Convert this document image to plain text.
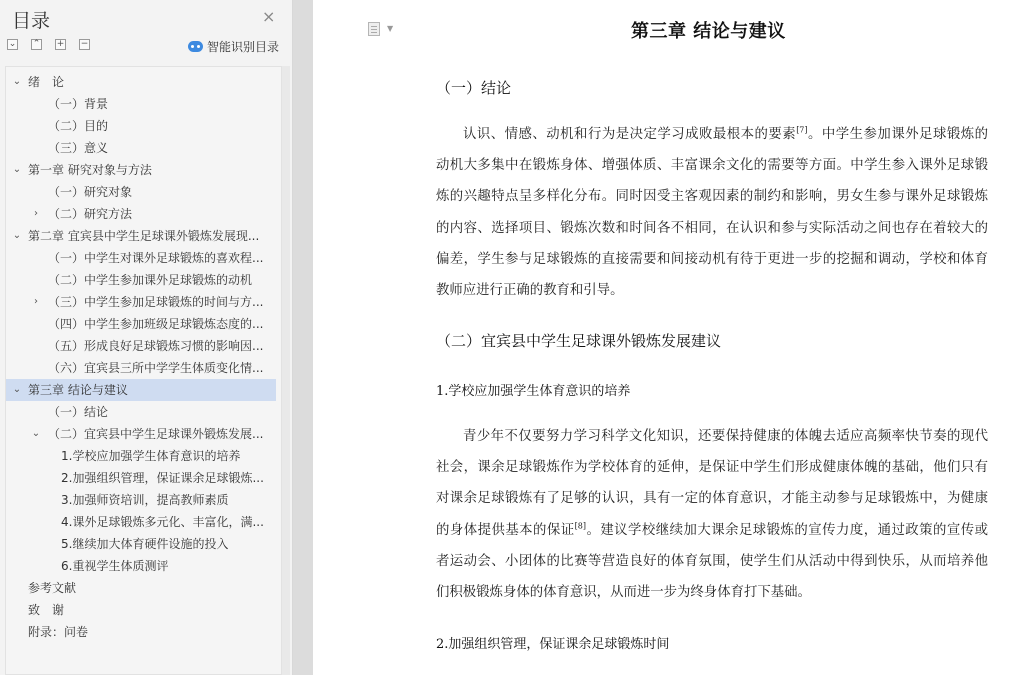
目录	×
⌄ ⌃ + −	智能识别目录
⌄ 绪　论
（一）背景
（二）目的
（三）意义
⌄ 第一章 研究对象与方法
（一）研究对象
› （二）研究方法
⌄ 第二章 宜宾县中学生足球课外锻炼发展现...
（一）中学生对课外足球锻炼的喜欢程...
（二）中学生参加课外足球锻炼的动机
› （三）中学生参加足球锻炼的时间与方...
（四）中学生参加班级足球锻炼态度的...
（五）形成良好足球锻炼习惯的影响因...
（六）宜宾县三所中学学生体质变化情...
⌄ 第三章 结论与建议
（一）结论
⌄ （二）宜宾县中学生足球课外锻炼发展...
1.学校应加强学生体育意识的培养
2.加强组织管理，保证课余足球锻炼...
3.加强师资培训，提高教师素质
4.课外足球锻炼多元化、丰富化，满...
5.继续加大体育硬件设施的投入
6.重视学生体质测评
参考文献
致　谢
附录：问卷
▼	第三章 结论与建议
（一）结论
认识、情感、动机和行为是决定学习成败最根本的要素[7]。中学生参加课外足球锻炼的
动机大多集中在锻炼身体、增强体质、丰富课余文化的需要等方面。中学生参入课外足球锻
炼的兴趣特点呈多样化分布。同时因受主客观因素的制约和影响，男女生参与课外足球锻炼
的内容、选择项目、锻炼次数和时间各不相同，在认识和参与实际活动之间也存在着较大的
偏差，学生参与足球锻炼的直接需要和间接动机有待于更进一步的挖掘和调动，学校和体育
教师应进行正确的教育和引导。
（二）宜宾县中学生足球课外锻炼发展建议
1.学校应加强学生体育意识的培养
青少年不仅要努力学习科学文化知识，还要保持健康的体魄去适应高频率快节奏的现代
社会，课余足球锻炼作为学校体育的延伸，是保证中学生们形成健康体魄的基础，他们只有
对课余足球锻炼有了足够的认识，具有一定的体育意识，才能主动参与足球锻炼中，为健康
的身体提供基本的保证[8]。建议学校继续加大课余足球锻炼的宣传力度，通过政策的宣传或
者运动会、小团体的比赛等营造良好的体育氛围，使学生们从活动中得到快乐，从而培养他
们积极锻炼身体的体育意识，从而进一步为终身体育打下基础。
2.加强组织管理，保证课余足球锻炼时间
